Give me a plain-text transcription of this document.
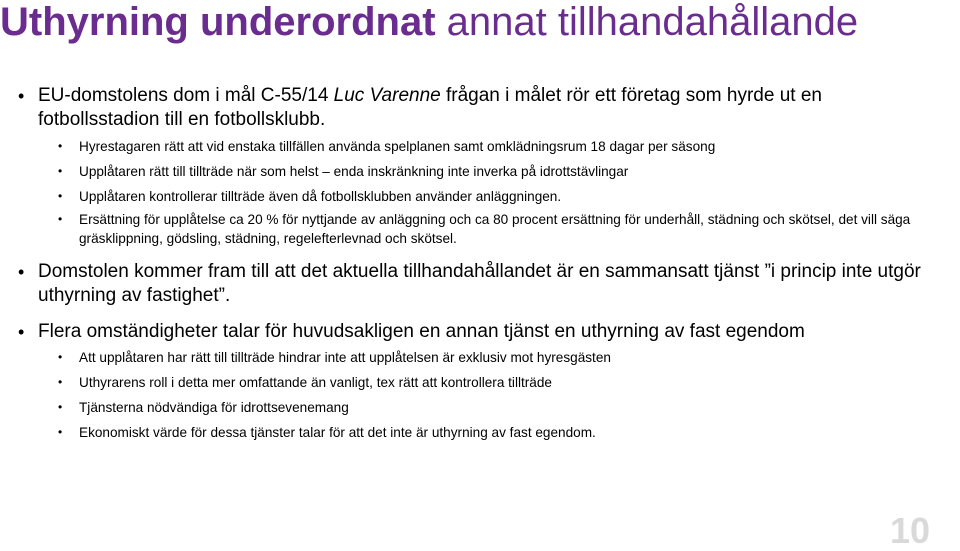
Uthyrning underordnat annat tillhandahållande
• EU-domstolens dom i mål C-55/14 Luc Varenne frågan i målet rör ett företag som hyrde ut en fotbollsstadion till en fotbollsklubb.
• Hyrestagaren rätt att vid enstaka tillfällen använda spelplanen samt omklädningsrum 18 dagar per säsong
• Upplåtaren rätt till tillträde när som helst – enda inskränkning inte inverka på idrottstävlingar
• Upplåtaren kontrollerar tillträde även då fotbollsklubben använder anläggningen.
• Ersättning för upplåtelse ca 20 % för nyttjande av anläggning och ca 80 procent ersättning för underhåll, städning och skötsel, det vill säga gräsklippning, gödsling, städning, regelefterlevnad och skötsel.
• Domstolen kommer fram till att det aktuella tillhandahållandet är en sammansatt tjänst ”i princip inte utgör uthyrning av fastighet”.
• Flera omständigheter talar för huvudsakligen en annan tjänst en uthyrning av fast egendom
• Att upplåtaren har rätt till tillträde hindrar inte att upplåtelsen är exklusiv mot hyresgästen
• Uthyrarens roll i detta mer omfattande än vanligt, tex rätt att kontrollera tillträde
• Tjänsterna nödvändiga för idrottsevenemang
• Ekonomiskt värde för dessa tjänster talar för att det inte är uthyrning av fast egendom.
10
